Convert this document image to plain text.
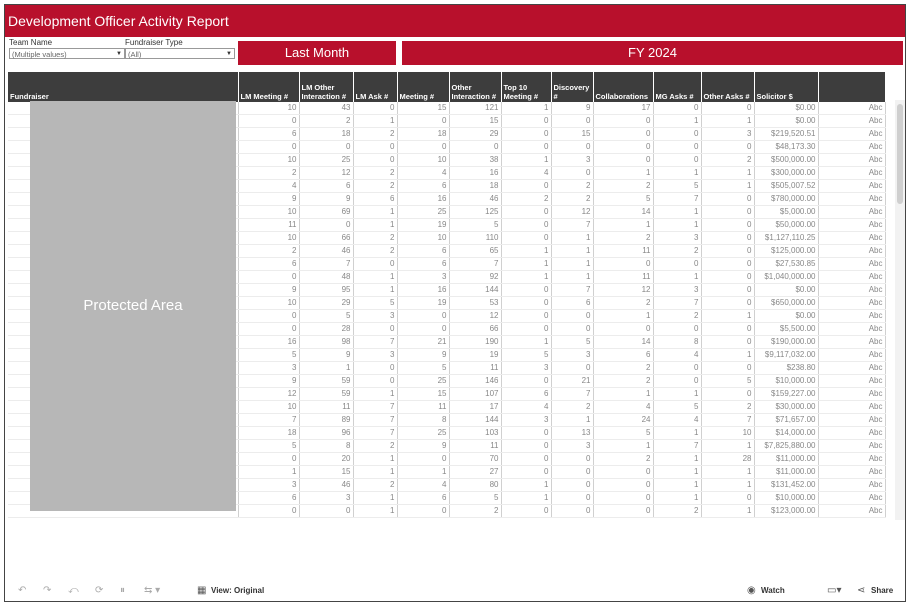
Development Officer Activity Report
Team Name
(Multiple values)	▼
Fundraiser Type
(All)	▼	Last Month	FY 2024
Fundraiser	LM Meeting #	LM Other Interaction #	LM Ask #	Meeting #	Other Interaction #	Top 10 Meeting #	Discovery #	Collaborations	MG Asks #	Other Asks #	Solicitor $	
	10	43	0	15	121	1	9	17	0	0	$0.00	Abc
	0	2	1	0	15	0	0	0	1	1	$0.00	Abc
	6	18	2	18	29	0	15	0	0	3	$219,520.51	Abc
	0	0	0	0	0	0	0	0	0	0	$48,173.30	Abc
	10	25	0	10	38	1	3	0	0	2	$500,000.00	Abc
	2	12	2	4	16	4	0	1	1	1	$300,000.00	Abc
	4	6	2	6	18	0	2	2	5	1	$505,007.52	Abc
	9	9	6	16	46	2	2	5	7	0	$780,000.00	Abc
	10	69	1	25	125	0	12	14	1	0	$5,000.00	Abc
	11	0	1	19	5	0	7	1	1	0	$50,000.00	Abc
	10	66	2	10	110	0	1	2	3	0	$1,127,110.25	Abc
	2	46	2	6	65	1	1	11	2	0	$125,000.00	Abc
	6	7	0	6	7	1	1	0	0	0	$27,530.85	Abc
	0	48	1	3	92	1	1	11	1	0	$1,040,000.00	Abc
	9	95	1	16	144	0	7	12	3	0	$0.00	Abc
	10	29	5	19	53	0	6	2	7	0	$650,000.00	Abc
	0	5	3	0	12	0	0	1	2	1	$0.00	Abc
	0	28	0	0	66	0	0	0	0	0	$5,500.00	Abc
	16	98	7	21	190	1	5	14	8	0	$190,000.00	Abc
	5	9	3	9	19	5	3	6	4	1	$9,117,032.00	Abc
	3	1	0	5	11	3	0	2	0	0	$238.80	Abc
	9	59	0	25	146	0	21	2	0	5	$10,000.00	Abc
	12	59	1	15	107	6	7	1	1	0	$159,227.00	Abc
	10	11	7	11	17	4	2	4	5	2	$30,000.00	Abc
	7	89	7	8	144	3	1	24	4	7	$71,657.00	Abc
	18	96	7	25	103	0	13	5	1	10	$14,000.00	Abc
	5	8	2	9	11	0	3	1	7	1	$7,825,880.00	Abc
	0	20	1	0	70	0	0	2	1	28	$11,000.00	Abc
	1	15	1	1	27	0	0	0	1	1	$11,000.00	Abc
	3	46	2	4	80	1	0	0	1	1	$131,452.00	Abc
	6	3	1	6	5	1	0	0	1	0	$10,000.00	Abc
	0	0	1	0	2	0	0	0	2	1	$123,000.00	Abc
Protected Area
↶ ↷ ⤺ ⟳ ⏸ ⇆ ▾	▦ View: Original	◉ Watch	▭▾ ⋖ Share
